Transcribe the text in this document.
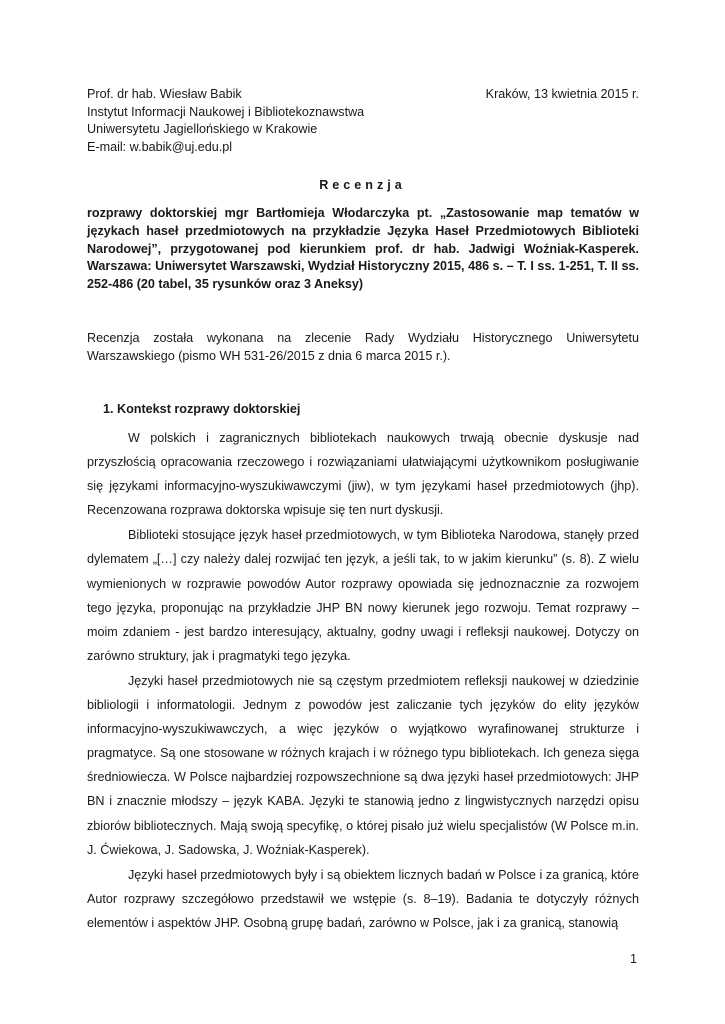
Prof. dr hab. Wiesław Babik
Instytut Informacji Naukowej i Bibliotekoznawstwa
Uniwersytetu Jagiellońskiego w Krakowie
E-mail: w.babik@uj.edu.pl
Kraków, 13 kwietnia 2015 r.
Recenzja
rozprawy doktorskiej mgr Bartłomieja Włodarczyka pt. „Zastosowanie map tematów w językach haseł przedmiotowych na przykładzie Języka Haseł Przedmiotowych Biblioteki Narodowej”, przygotowanej pod kierunkiem prof. dr hab. Jadwigi Woźniak-Kasperek. Warszawa: Uniwersytet Warszawski, Wydział Historyczny 2015, 486 s. – T. I ss. 1-251, T. II ss. 252-486 (20 tabel, 35 rysunków oraz 3 Aneksy)
Recenzja została wykonana na zlecenie Rady Wydziału Historycznego Uniwersytetu Warszawskiego (pismo WH 531-26/2015 z dnia 6 marca 2015 r.).
1. Kontekst rozprawy doktorskiej

W polskich i zagranicznych bibliotekach naukowych trwają obecnie dyskusje nad przyszłością opracowania rzeczowego i rozwiązaniami ułatwiającymi użytkownikom posługiwanie się językami informacyjno-wyszukiwawczymi (jiw), w tym językami haseł przedmiotowych (jhp). Recenzowana rozprawa doktorska wpisuje się ten nurt dyskusji.

Biblioteki stosujące język haseł przedmiotowych, w tym Biblioteka Narodowa, stanęły przed dylematem „[…] czy należy dalej rozwijać ten język, a jeśli tak, to w jakim kierunku” (s. 8). Z wielu wymienionych w rozprawie powodów Autor rozprawy opowiada się jednoznacznie za rozwojem tego języka, proponując na przykładzie JHP BN nowy kierunek jego rozwoju. Temat rozprawy – moim zdaniem - jest bardzo interesujący, aktualny, godny uwagi i refleksji naukowej. Dotyczy on zarówno struktury, jak i pragmatyki tego języka.

Języki haseł przedmiotowych nie są częstym przedmiotem refleksji naukowej w dziedzinie bibliologii i informatologii. Jednym z powodów jest zaliczanie tych języków do elity języków informacyjno-wyszukiwawczych, a więc języków o wyjątkowo wyrafinowanej strukturze i pragmatyce. Są one stosowane w różnych krajach i w różnego typu bibliotekach. Ich geneza sięga średniowiecza. W Polsce najbardziej rozpowszechnione są dwa języki haseł przedmiotowych: JHP BN i znacznie młodszy – język KABA. Języki te stanowią jedno z lingwistycznych narzędzi opisu zbiorów bibliotecznych. Mają swoją specyfikę, o której pisało już wielu specjalistów (W Polsce m.in. J. Ćwiekowa, J. Sadowska, J. Woźniak-Kasperek).

Języki haseł przedmiotowych były i są obiektem licznych badań w Polsce i za granicą, które Autor rozprawy szczegółowo przedstawił we wstępie (s. 8–19). Badania te dotyczyły różnych elementów i aspektów JHP. Osobną grupę badań, zarówno w Polsce, jak i za granicą, stanowią

1
